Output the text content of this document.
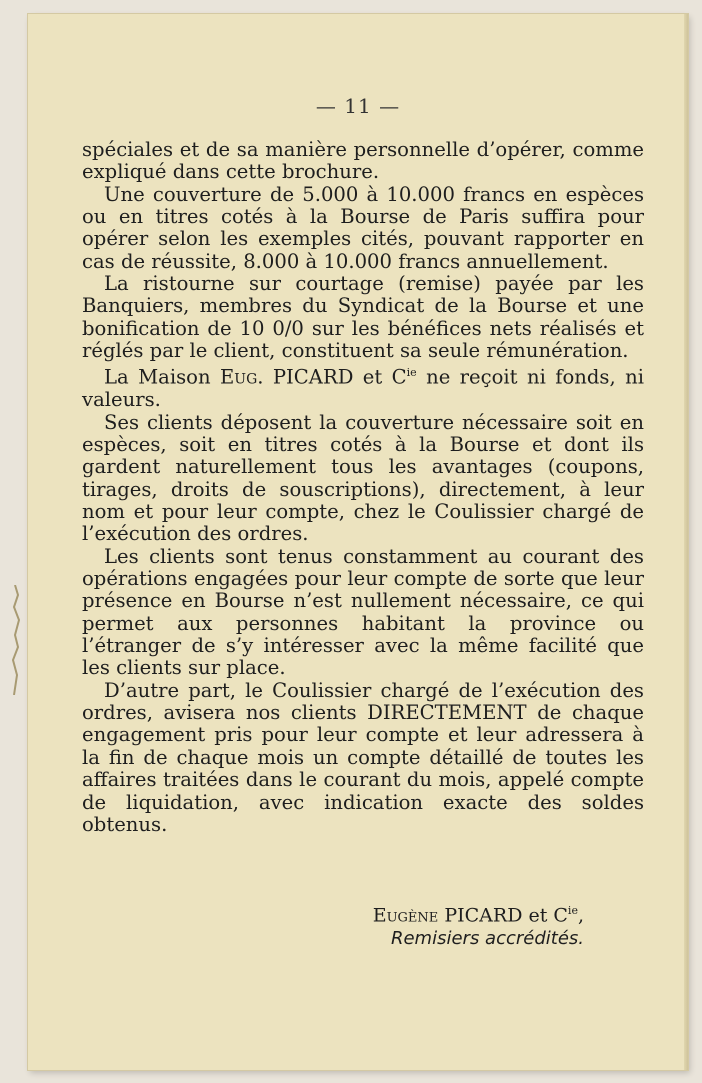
— 11 —

spéciales et de sa manière personnelle d’opérer, comme expliqué dans cette brochure.

Une couverture de 5.000 à 10.000 francs en espèces ou en titres cotés à la Bourse de Paris suffira pour opérer selon les exemples cités, pouvant rapporter en cas de réussite, 8.000 à 10.000 francs annuellement.

La ristourne sur courtage (remise) payée par les Banquiers, membres du Syndicat de la Bourse et une bonification de 10 0/0 sur les bénéfices nets réalisés et réglés par le client, constituent sa seule rémunération.

La Maison Eug. PICARD et $C^{ie}$ ne reçoit ni fonds, ni valeurs.

Ses clients déposent la couverture nécessaire soit en espèces, soit en titres cotés à la Bourse et dont ils gardent naturellement tous les avantages (coupons, tirages, droits de souscriptions), directement, à leur nom et pour leur compte, chez le Coulissier chargé de l’exécution des ordres.

Les clients sont tenus constamment au courant des opérations engagées pour leur compte de sorte que leur présence en Bourse n’est nullement nécessaire, ce qui permet aux personnes habitant la province ou l’étranger de s’y intéresser avec la même facilité que les clients sur place.

D’autre part, le Coulissier chargé de l’exécution des ordres, avisera nos clients DIRECTEMENT de chaque engagement pris pour leur compte et leur adressera à la fin de chaque mois un compte détaillé de toutes les affaires traitées dans le courant du mois, appelé compte de liquidation, avec indication exacte des soldes obtenus.

Eugène PICARD et $C^{ie}$,
Remisiers accrédités.
